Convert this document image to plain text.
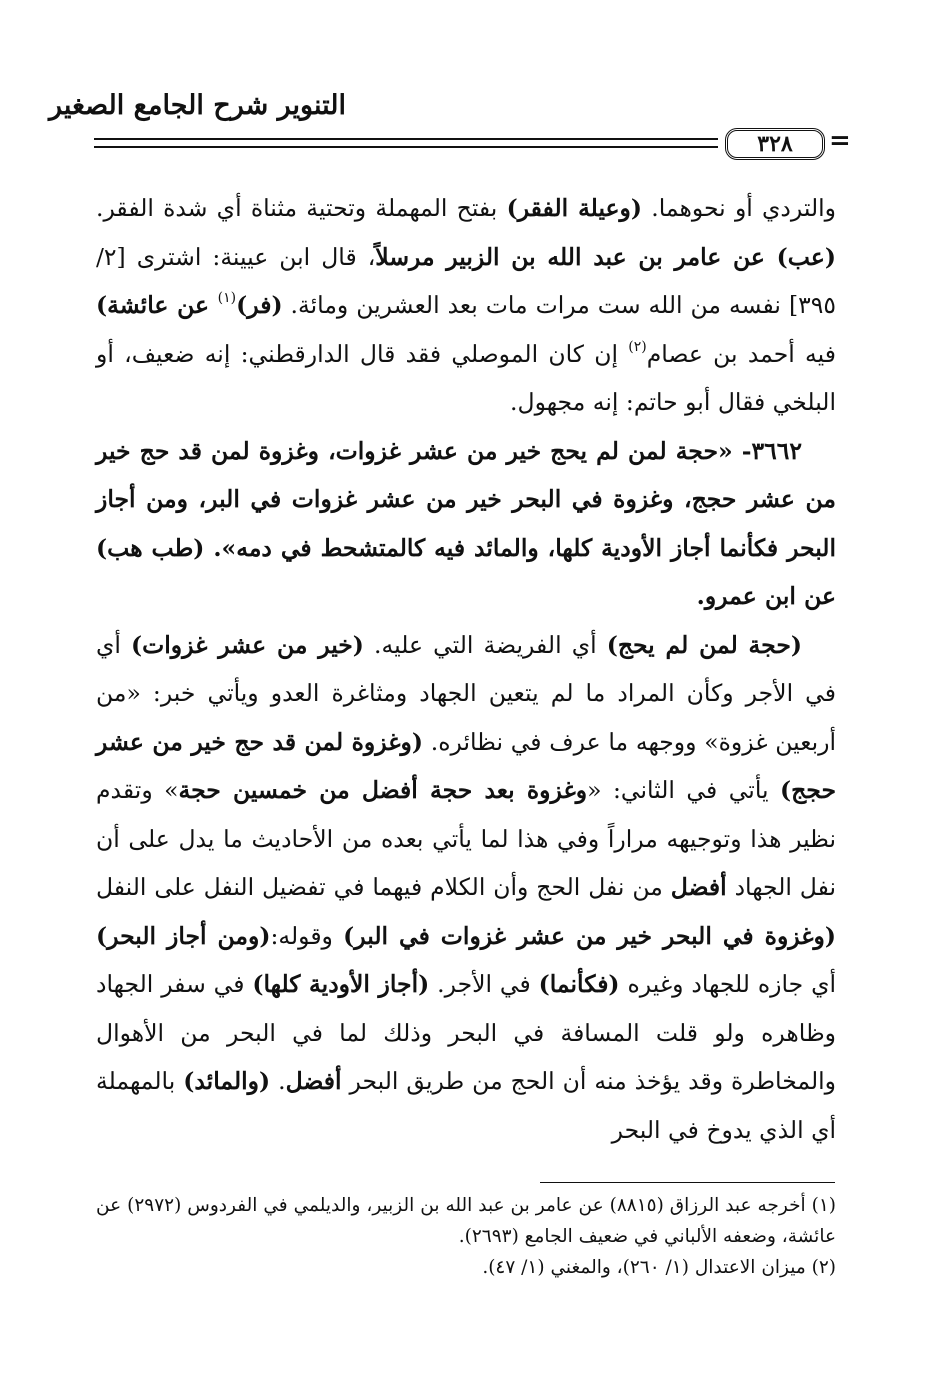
التنوير شرح الجامع الصغير
٣٢٨	=

والتردي أو نحوهما. (وعيلة الفقر) بفتح المهملة وتحتية مثناة أي شدة الفقر. (عب) عن عامر بن عبد الله بن الزبير مرسلاً، قال ابن عيينة: اشترى [٢/ ٣٩٥] نفسه من الله ست مرات مات بعد العشرين ومائة. (فر)$^{(١)}$ عن عائشة) فيه أحمد بن عصام$^{(٢)}$ إن كان الموصلي فقد قال الدارقطني: إنه ضعيف، أو البلخي فقال أبو حاتم: إنه مجهول.

٣٦٦٢- «حجة لمن لم يحج خير من عشر غزوات، وغزوة لمن قد حج خير من عشر حجج، وغزوة في البحر خير من عشر غزوات في البر، ومن أجاز البحر فكأنما أجاز الأودية كلها، والمائد فيه كالمتشحط في دمه». (طب هب) عن ابن عمرو.

(حجة لمن لم يحج) أي الفريضة التي عليه. (خير من عشر غزوات) أي في الأجر وكأن المراد ما لم يتعين الجهاد ومثاغرة العدو ويأتي خبر: «من أربعين غزوة» ووجهه ما عرف في نظائره. (وغزوة لمن قد حج خير من عشر حجج) يأتي في الثاني: «وغزوة بعد حجة أفضل من خمسين حجة» وتقدم نظير هذا وتوجيهه مراراً وفي هذا لما يأتي بعده من الأحاديث ما يدل على أن نفل الجهاد أفضل من نفل الحج وأن الكلام فيهما في تفضيل النفل على النفل (وغزوة في البحر خير من عشر غزوات في البر) وقوله:(ومن أجاز البحر) أي جازه للجهاد وغيره (فكأنما) في الأجر. (أجاز الأودية كلها) في سفر الجهاد وظاهره ولو قلت المسافة في البحر وذلك لما في البحر من الأهوال والمخاطرة وقد يؤخذ منه أن الحج من طريق البحر أفضل. (والمائد) بالمهملة أي الذي يدوخ في البحر

(١) أخرجه عبد الرزاق (٨٨١٥) عن عامر بن عبد الله بن الزبير، والديلمي في الفردوس (٢٩٧٢) عن عائشة، وضعفه الألباني في ضعيف الجامع (٢٦٩٣).

(٢) ميزان الاعتدال (١/ ٢٦٠)، والمغني (١/ ٤٧).
